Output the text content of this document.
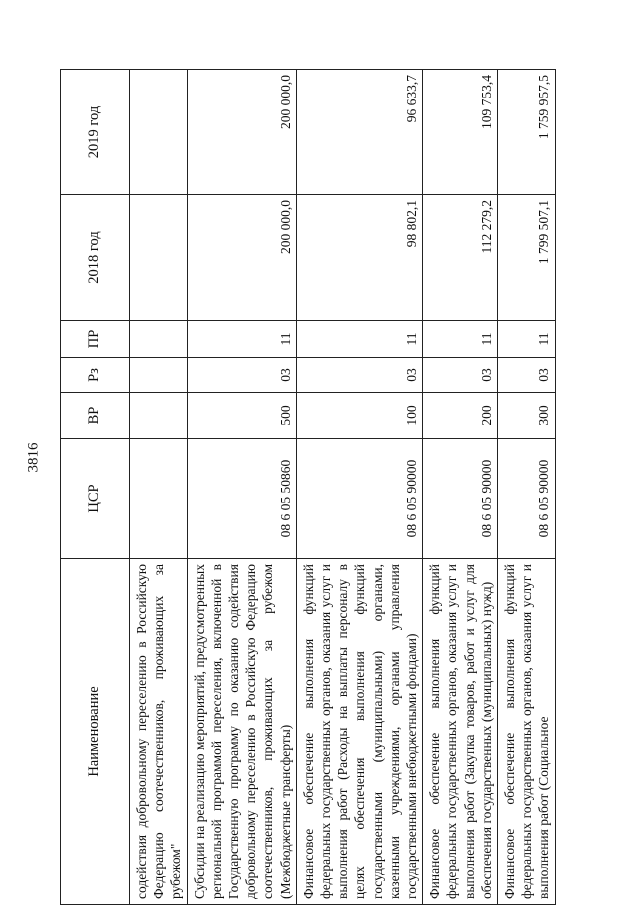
3816
Наименование	ЦСР	ВР	Рз	ПР	2018 год	2019 год
содействия добровольному переселению в Российскую Федерацию соотечественников, проживающих за рубежом"						
Субсидии на реализацию мероприятий, предусмотренных региональной программой переселения, включенной в Государственную программу по оказанию содействия добровольному переселению в Российскую Федерацию соотечественников, проживающих за рубежом (Межбюджетные трансферты)	08 6 05 50860	500	03	11	200 000,0	200 000,0
Финансовое обеспечение выполнения функций федеральных государственных органов, оказания услуг и выполнения работ (Расходы на выплаты персоналу в целях обеспечения выполнения функций государственными (муниципальными) органами, казенными учреждениями, органами управления государственными внебюджетными фондами)	08 6 05 90000	100	03	11	98 802,1	96 633,7
Финансовое обеспечение выполнения функций федеральных государственных органов, оказания услуг и выполнения работ (Закупка товаров, работ и услуг для обеспечения государственных (муниципальных) нужд)	08 6 05 90000	200	03	11	112 279,2	109 753,4
Финансовое обеспечение выполнения функций федеральных государственных органов, оказания услуг и выполнения работ (Социальное	08 6 05 90000	300	03	11	1 799 507,1	1 759 957,5
